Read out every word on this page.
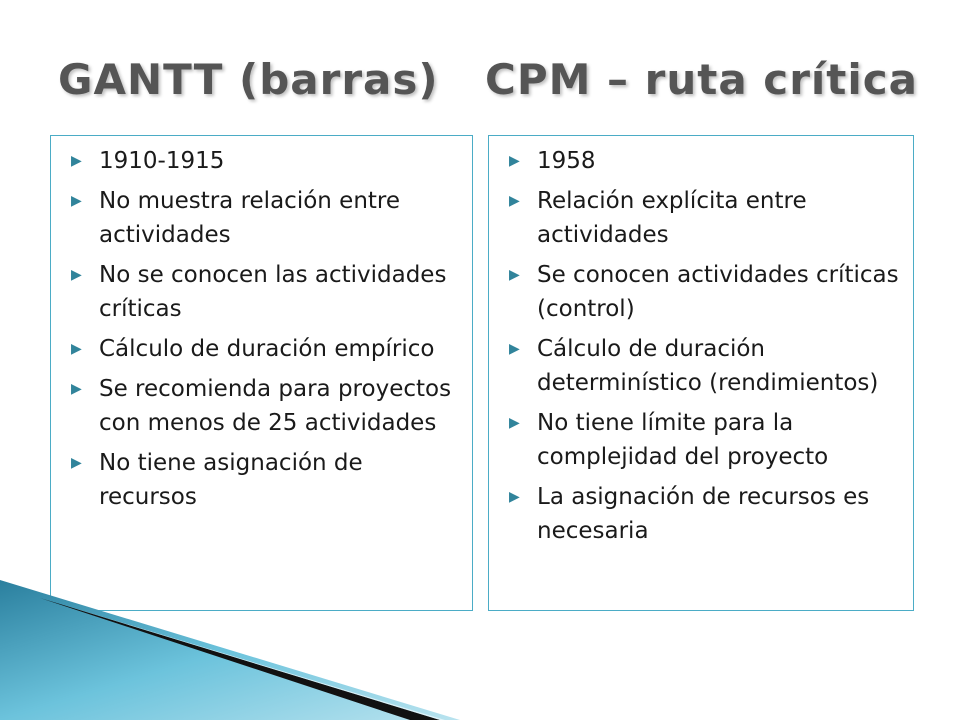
GANTT (barras) CPM – ruta crítica
▶ 1910-1915
▶ No muestra relación entre actividades
▶ No se conocen las actividades críticas
▶ Cálculo de duración empírico
▶ Se recomienda para proyectos con menos de 25 actividades
▶ No tiene asignación de recursos
▶ 1958
▶ Relación explícita entre actividades
▶ Se conocen actividades críticas (control)
▶ Cálculo de duración determinístico (rendimientos)
▶ No tiene límite para la complejidad del proyecto
▶ La asignación de recursos es necesaria
